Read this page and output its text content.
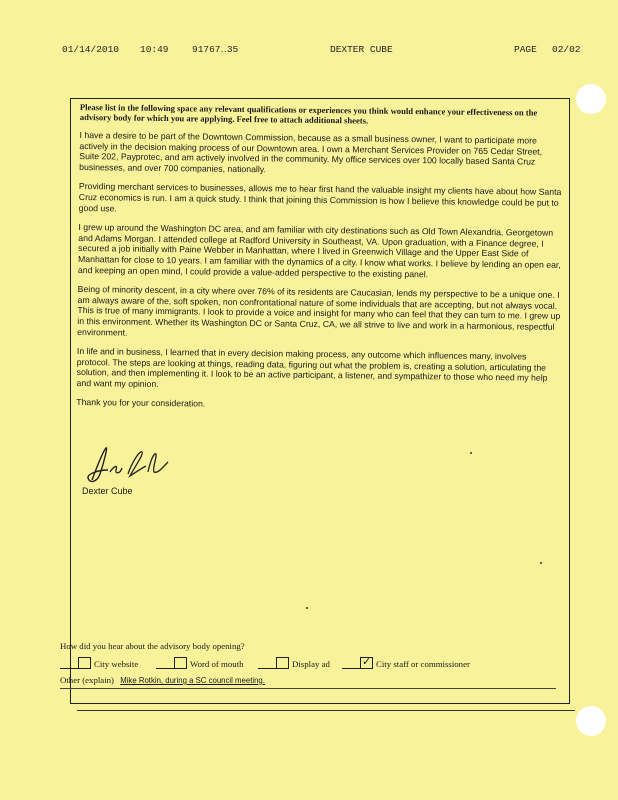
01/14/2010 10:49 91767‥35	DEXTER CUBE	PAGE 02/02

Please list in the following space any relevant qualifications or experiences you think would enhance your effectiveness on the advisory body for which you are applying. Feel free to attach additional sheets.

I have a desire to be part of the Downtown Commission, because as a small business owner, I want to participate more actively in the decision making process of our Downtown area. I own a Merchant Services Provider on 765 Cedar Street, Suite 202, Payprotec, and am actively involved in the community. My office services over 100 locally based Santa Cruz businesses, and over 700 companies, nationally.

Providing merchant services to businesses, allows me to hear first hand the valuable insight my clients have about how Santa Cruz economics is run. I am a quick study. I think that joining this Commission is how I believe this knowledge could be put to good use.

I grew up around the Washington DC area, and am familiar with city destinations such as Old Town Alexandria, Georgetown and Adams Morgan. I attended college at Radford University in Southeast, VA. Upon graduation, with a Finance degree, I secured a job initially with Paine Webber in Manhattan, where I lived in Greenwich Village and the Upper East Side of Manhattan for close to 10 years. I am familiar with the dynamics of a city. I know what works. I believe by lending an open ear, and keeping an open mind, I could provide a value-added perspective to the existing panel.

Being of minority descent, in a city where over 76% of its residents are Caucasian, lends my perspective to be a unique one. I am always aware of the, soft spoken, non confrontational nature of some individuals that are accepting, but not always vocal. This is true of many immigrants. I look to provide a voice and insight for many who can feel that they can turn to me. I grew up in this environment. Whether its Washington DC or Santa Cruz, CA, we all strive to live and work in a harmonious, respectful environment.

In life and in business, I learned that in every decision making process, any outcome which influences many, involves protocol. The steps are looking at things, reading data, figuring out what the problem is, creating a solution, articulating the solution, and then implementing it. I look to be an active participant, a listener, and sympathizer to those who need my help and want my opinion.

Thank you for your consideration.

Dexter Cube
How did you hear about the advisory body opening?
City website	Word of mouth	Display ad	✓ City staff or commissioner
Other (explain) Mike Rotkin, during a SC council meeting.
